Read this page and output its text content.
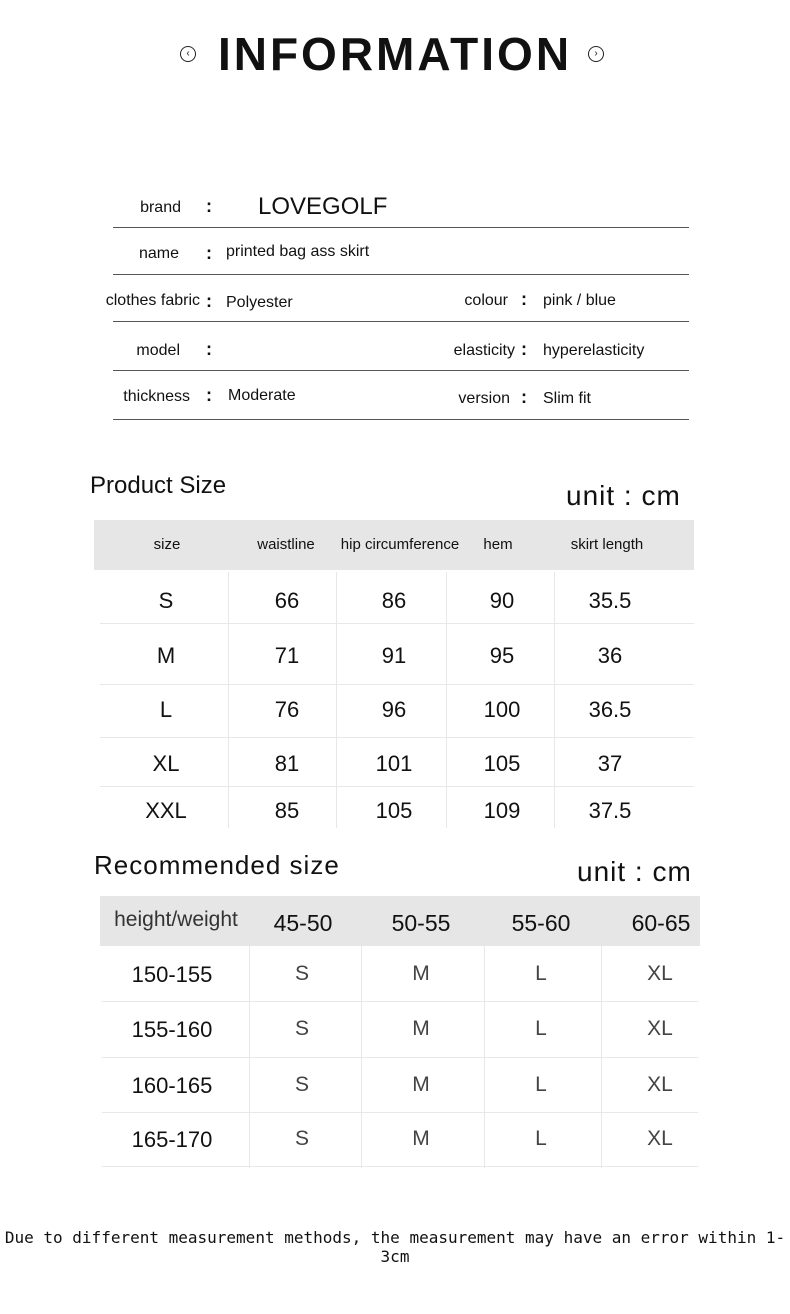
‹ INFORMATION	›
brand : LOVEGOLF
name : printed bag ass skirt
clothes fabric : Polyester	colour : pink / blue
model :	elasticity : hyperelasticity
thickness : Moderate	version : Slim fit
Product Size	unit : cm
size	waistline	hip circumference	hem	skirt length
S	66	86	90	35.5
M	71	91	95	36
L	76	96	100	36.5
XL	81	101	105	37
XXL	85	105	109	37.5
Recommended size	unit : cm
height/weight	45-50	50-55	55-60	60-65
150-155	S	M	L	XL
155-160	S	M	L	XL
160-165	S	M	L	XL
165-170	S	M	L	XL
Due to different measurement methods, the measurement may have an error within 1-3cm
